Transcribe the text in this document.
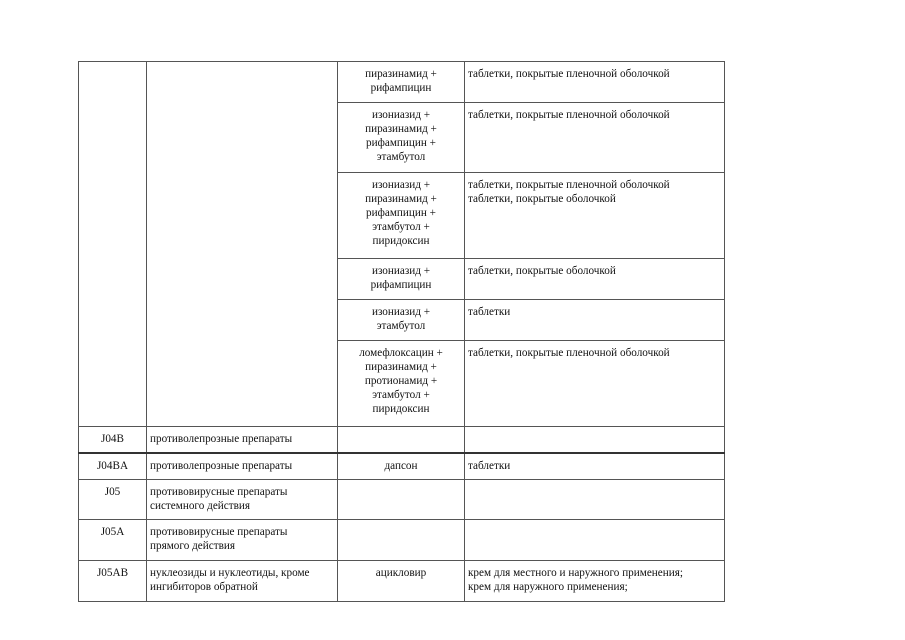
		пиразинамид +
рифампицин	таблетки, покрытые пленочной оболочкой

		изониазид +
пиразинамид +
рифампицин +
этамбутол	таблетки, покрытые пленочной оболочкой

		изониазид +
пиразинамид +
рифампицин +
этамбутол +
пиридоксин	таблетки, покрытые пленочной оболочкой
таблетки, покрытые оболочкой

		изониазид +
рифампицин	таблетки, покрытые оболочкой

		изониазид +
этамбутол	таблетки

		ломефлоксацин +
пиразинамид +
протионамид +
этамбутол +
пиридоксин	таблетки, покрытые пленочной оболочкой

J04B	противолепрозные препараты		

J04BA	противолепрозные препараты	дапсон	таблетки

J05	противовирусные препараты
системного действия		

J05A	противовирусные препараты
прямого действия		

J05AB	нуклеозиды и нуклеотиды, кроме
ингибиторов обратной	ацикловир	крем для местного и наружного применения;
крем для наружного применения;
